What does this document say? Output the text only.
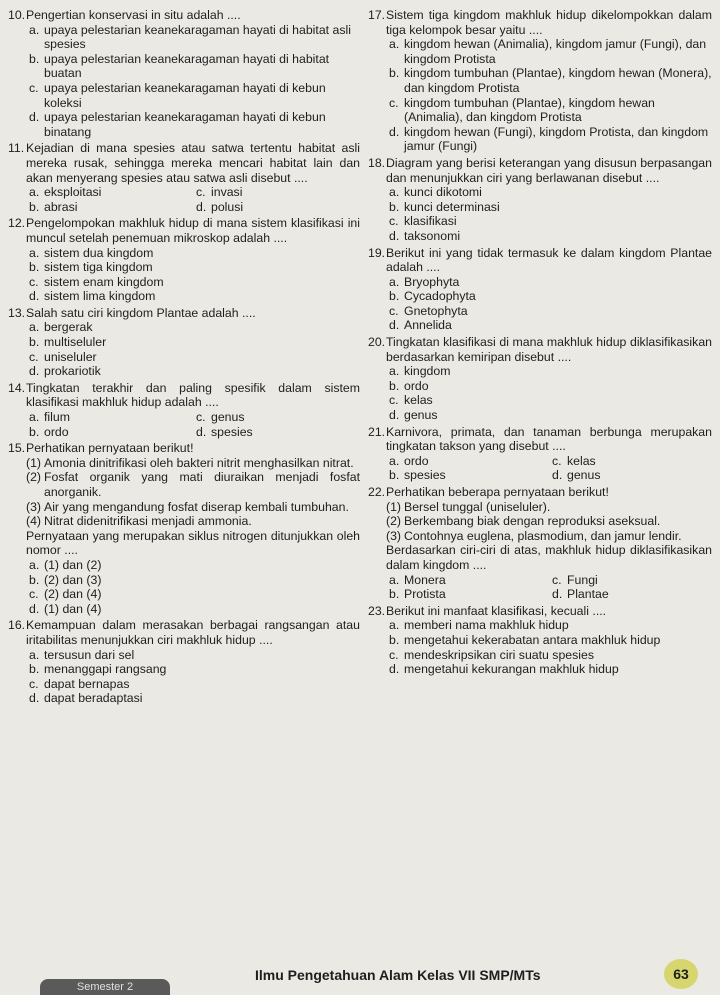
10. Pengertian konservasi in situ adalah ....
a. upaya pelestarian keanekaragaman hayati di habitat asli spesies
b. upaya pelestarian keanekaragaman hayati di habitat buatan
c. upaya pelestarian keanekaragaman hayati di kebun koleksi
d. upaya pelestarian keanekaragaman hayati di kebun binatang
11. Kejadian di mana spesies atau satwa tertentu habitat asli mereka rusak, sehingga mereka mencari habitat lain dan akan menyerang spesies atau satwa asli disebut ....
a. eksploitasi	c. invasi
b. abrasi	d. polusi
12. Pengelompokan makhluk hidup di mana sistem klasifikasi ini muncul setelah penemuan mikroskop adalah ....
a. sistem dua kingdom
b. sistem tiga kingdom
c. sistem enam kingdom
d. sistem lima kingdom
13. Salah satu ciri kingdom Plantae adalah ....
a. bergerak
b. multiseluler
c. uniseluler
d. prokariotik
14. Tingkatan terakhir dan paling spesifik dalam sistem klasifikasi makhluk hidup adalah ....
a. filum	c. genus
b. ordo	d. spesies
15. Perhatikan pernyataan berikut!
(1) Amonia dinitrifikasi oleh bakteri nitrit menghasilkan nitrat.
(2) Fosfat organik yang mati diuraikan menjadi fosfat anorganik.
(3) Air yang mengandung fosfat diserap kembali tumbuhan.
(4) Nitrat didenitrifikasi menjadi ammonia.
Pernyataan yang merupakan siklus nitrogen ditunjukkan oleh nomor ....
a. (1) dan (2)
b. (2) dan (3)
c. (2) dan (4)
d. (1) dan (4)
16. Kemampuan dalam merasakan berbagai rangsangan atau iritabilitas menunjukkan ciri makhluk hidup ....
a. tersusun dari sel
b. menanggapi rangsang
c. dapat bernapas
d. dapat beradaptasi
17. Sistem tiga kingdom makhluk hidup dikelompokkan dalam tiga kelompok besar yaitu ....
a. kingdom hewan (Animalia), kingdom jamur (Fungi), dan kingdom Protista
b. kingdom tumbuhan (Plantae), kingdom hewan (Monera), dan kingdom Protista
c. kingdom tumbuhan (Plantae), kingdom hewan (Animalia), dan kingdom Protista
d. kingdom hewan (Fungi), kingdom Protista, dan kingdom jamur (Fungi)
18. Diagram yang berisi keterangan yang disusun berpasangan dan menunjukkan ciri yang berlawanan disebut ....
a. kunci dikotomi
b. kunci determinasi
c. klasifikasi
d. taksonomi
19. Berikut ini yang tidak termasuk ke dalam kingdom Plantae adalah ....
a. Bryophyta
b. Cycadophyta
c. Gnetophyta
d. Annelida
20. Tingkatan klasifikasi di mana makhluk hidup diklasifikasikan berdasarkan kemiripan disebut ....
a. kingdom
b. ordo
c. kelas
d. genus
21. Karnivora, primata, dan tanaman berbunga merupakan tingkatan takson yang disebut ....
a. ordo	c. kelas
b. spesies	d. genus
22. Perhatikan beberapa pernyataan berikut!
(1) Bersel tunggal (uniseluler).
(2) Berkembang biak dengan reproduksi aseksual.
(3) Contohnya euglena, plasmodium, dan jamur lendir.
Berdasarkan ciri-ciri di atas, makhluk hidup diklasifikasikan dalam kingdom ....
a. Monera	c. Fungi
b. Protista	d. Plantae
23. Berikut ini manfaat klasifikasi, kecuali ....
a. memberi nama makhluk hidup
b. mengetahui kekerabatan antara makhluk hidup
c. mendeskripsikan ciri suatu spesies
d. mengetahui kekurangan makhluk hidup
Semester 2
Ilmu Pengetahuan Alam Kelas VII SMP/MTs	63
